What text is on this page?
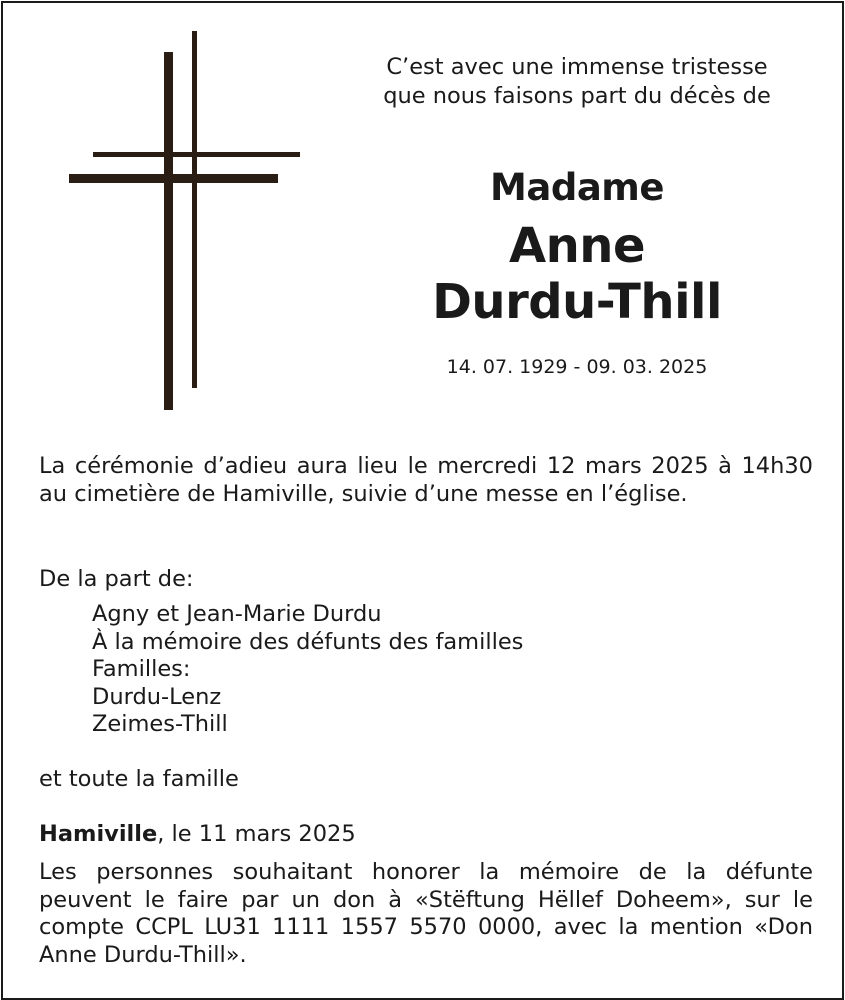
C’est avec une immense tristesse
que nous faisons part du décès de
Madame
Anne
Durdu-Thill
14. 07. 1929 - 09. 03. 2025
La cérémonie d’adieu aura lieu le mercredi 12 mars 2025 à 14h30 au cimetière de Hamiville, suivie d’une messe en l’église.
De la part de:
Agny et Jean-Marie Durdu
À la mémoire des défunts des familles
Familles:
Durdu-Lenz
Zeimes-Thill
et toute la famille
Hamiville, le 11 mars 2025
Les personnes souhaitant honorer la mémoire de la défunte peuvent le faire par un don à «Stëftung Hëllef Doheem», sur le compte CCPL LU31 1111 1557 5570 0000, avec la mention «Don Anne Durdu-Thill».
